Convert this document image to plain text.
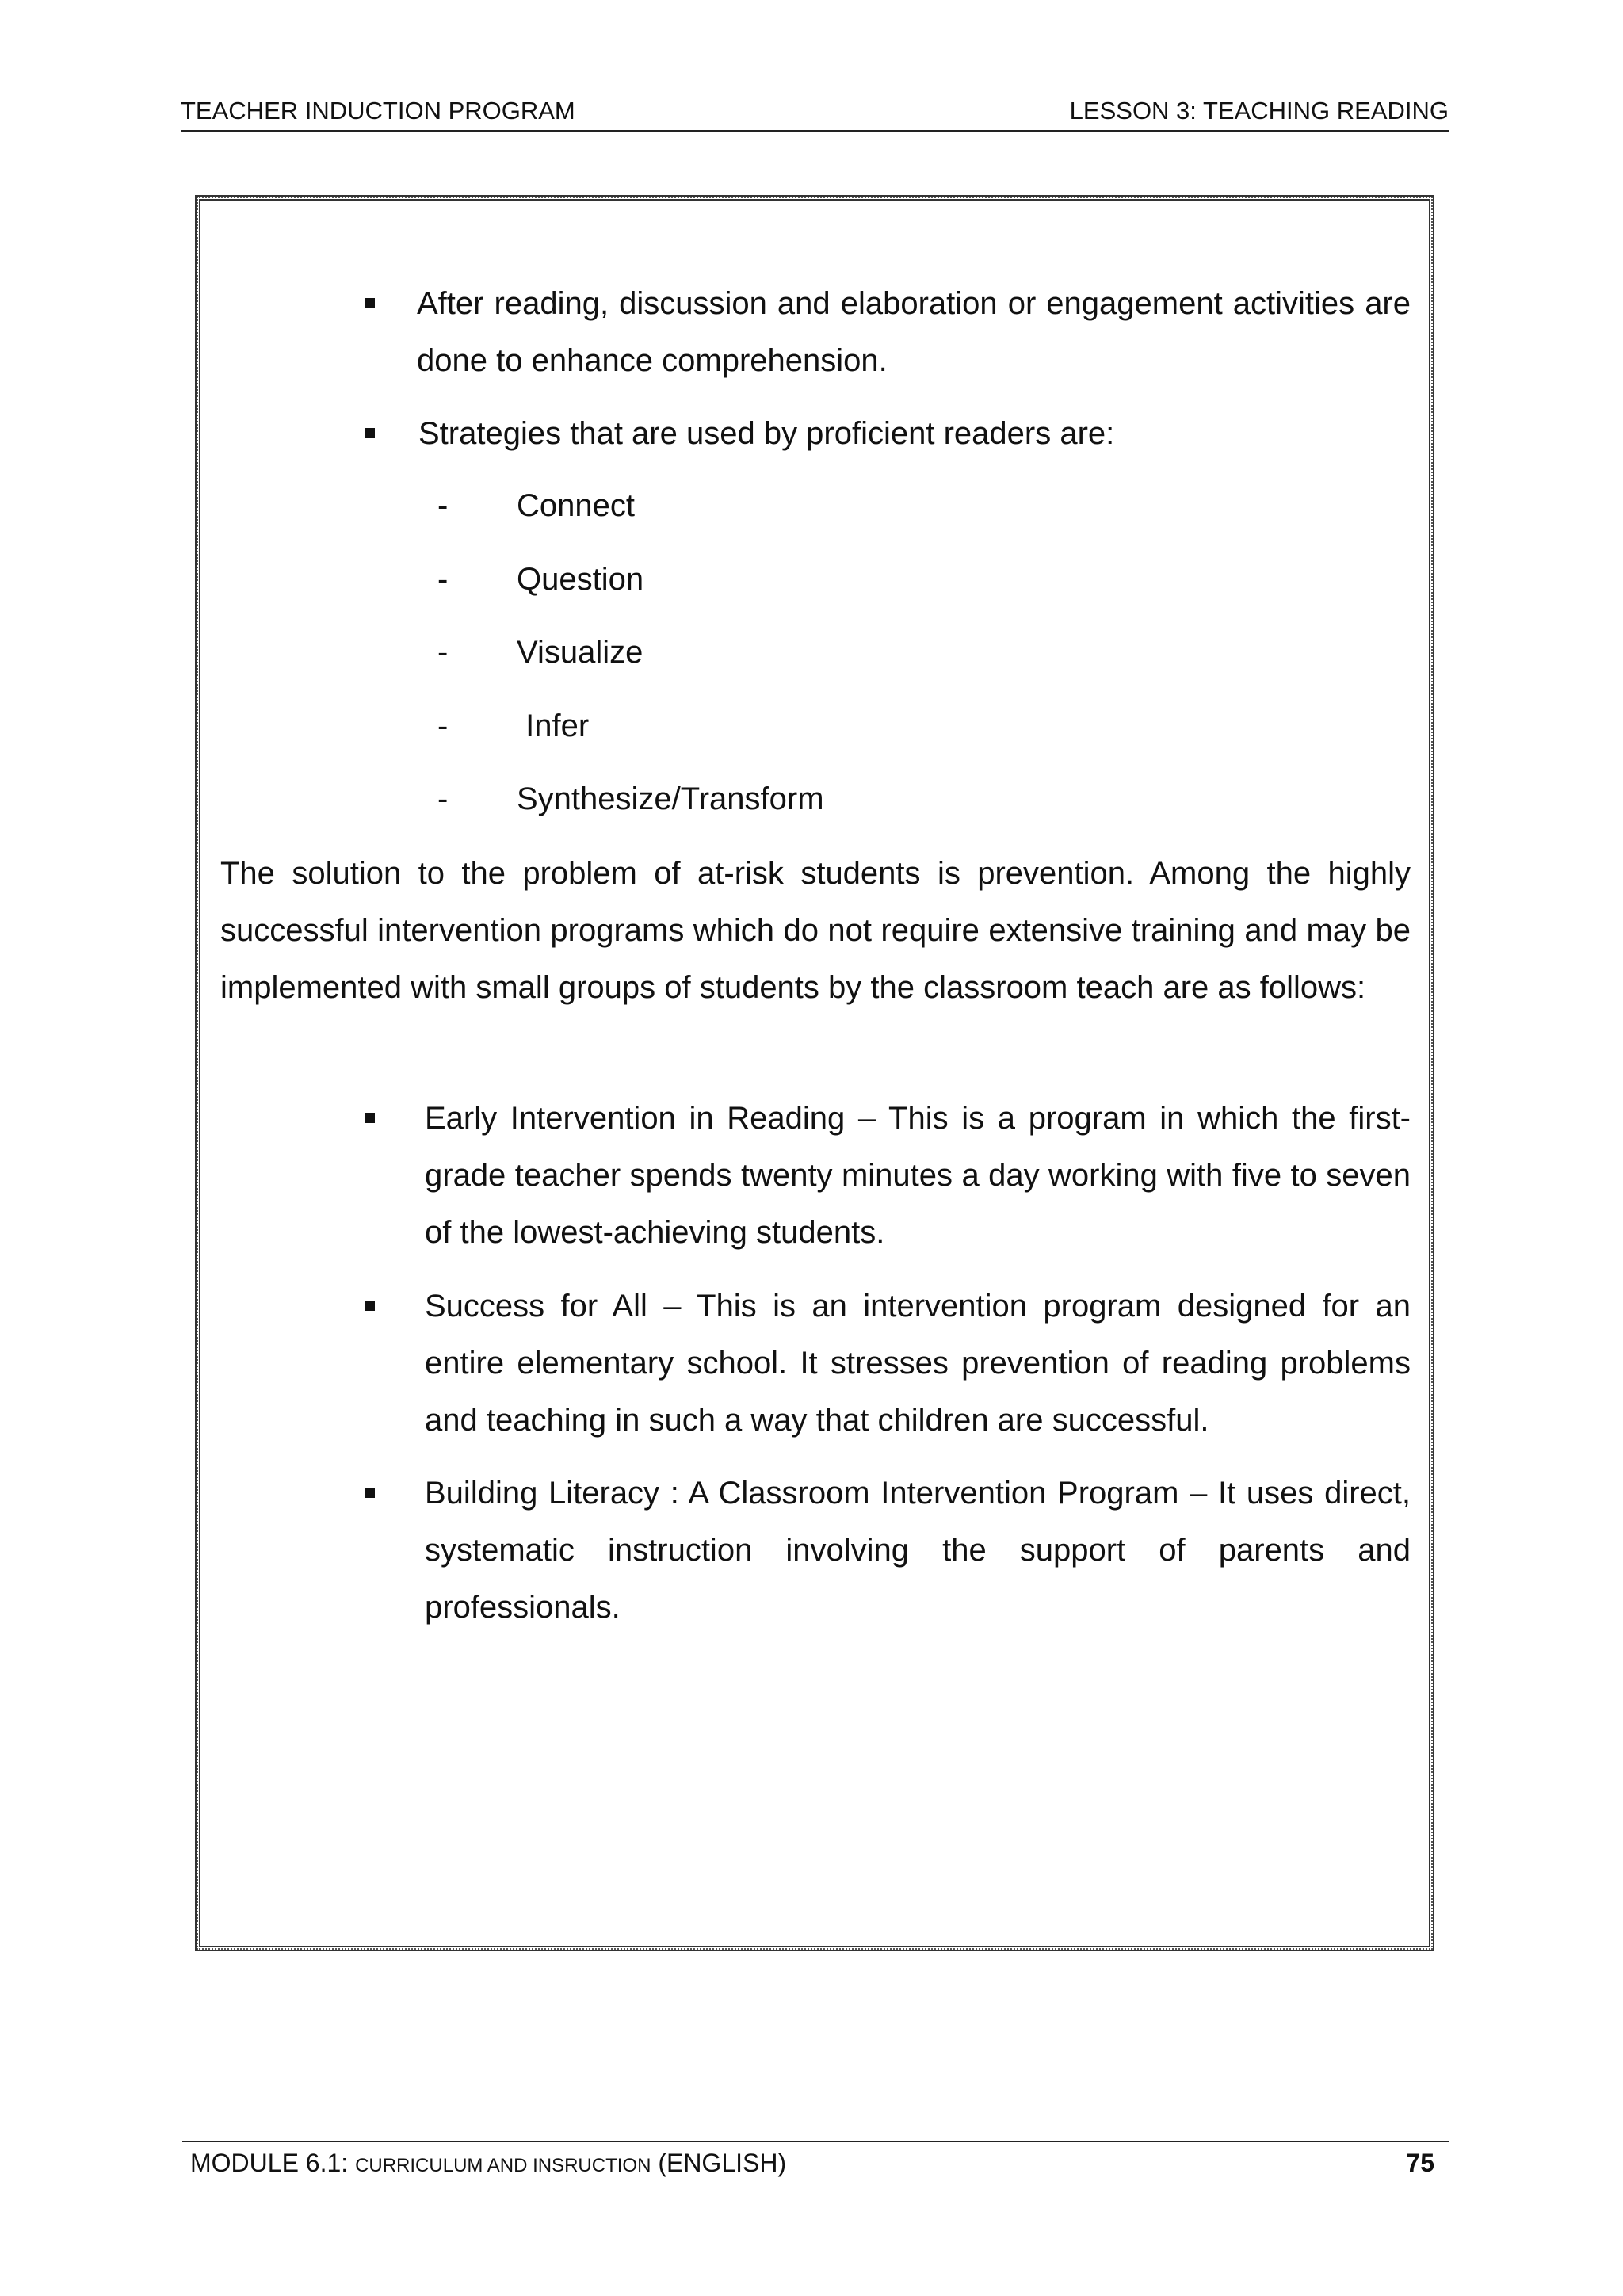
TEACHER INDUCTION PROGRAM	LESSON 3: TEACHING READING
After reading, discussion and elaboration or engagement activities are done to enhance comprehension.
Strategies that are used by proficient readers are:
- Connect
- Question
- Visualize
- Infer
- Synthesize/Transform
The solution to the problem of at-risk students is prevention. Among the highly successful intervention programs which do not require extensive training and may be implemented with small groups of students by the classroom teach are as follows:
Early Intervention in Reading – This is a program in which the first-grade teacher spends twenty minutes a day working with five to seven of the lowest-achieving students.
Success for All – This is an intervention program designed for an entire elementary school. It stresses prevention of reading problems and teaching in such a way that children are successful.
Building Literacy : A Classroom Intervention Program – It uses direct, systematic instruction involving the support of parents and professionals.
MODULE 6.1: CURRICULUM AND INSRUCTION (ENGLISH)	75
